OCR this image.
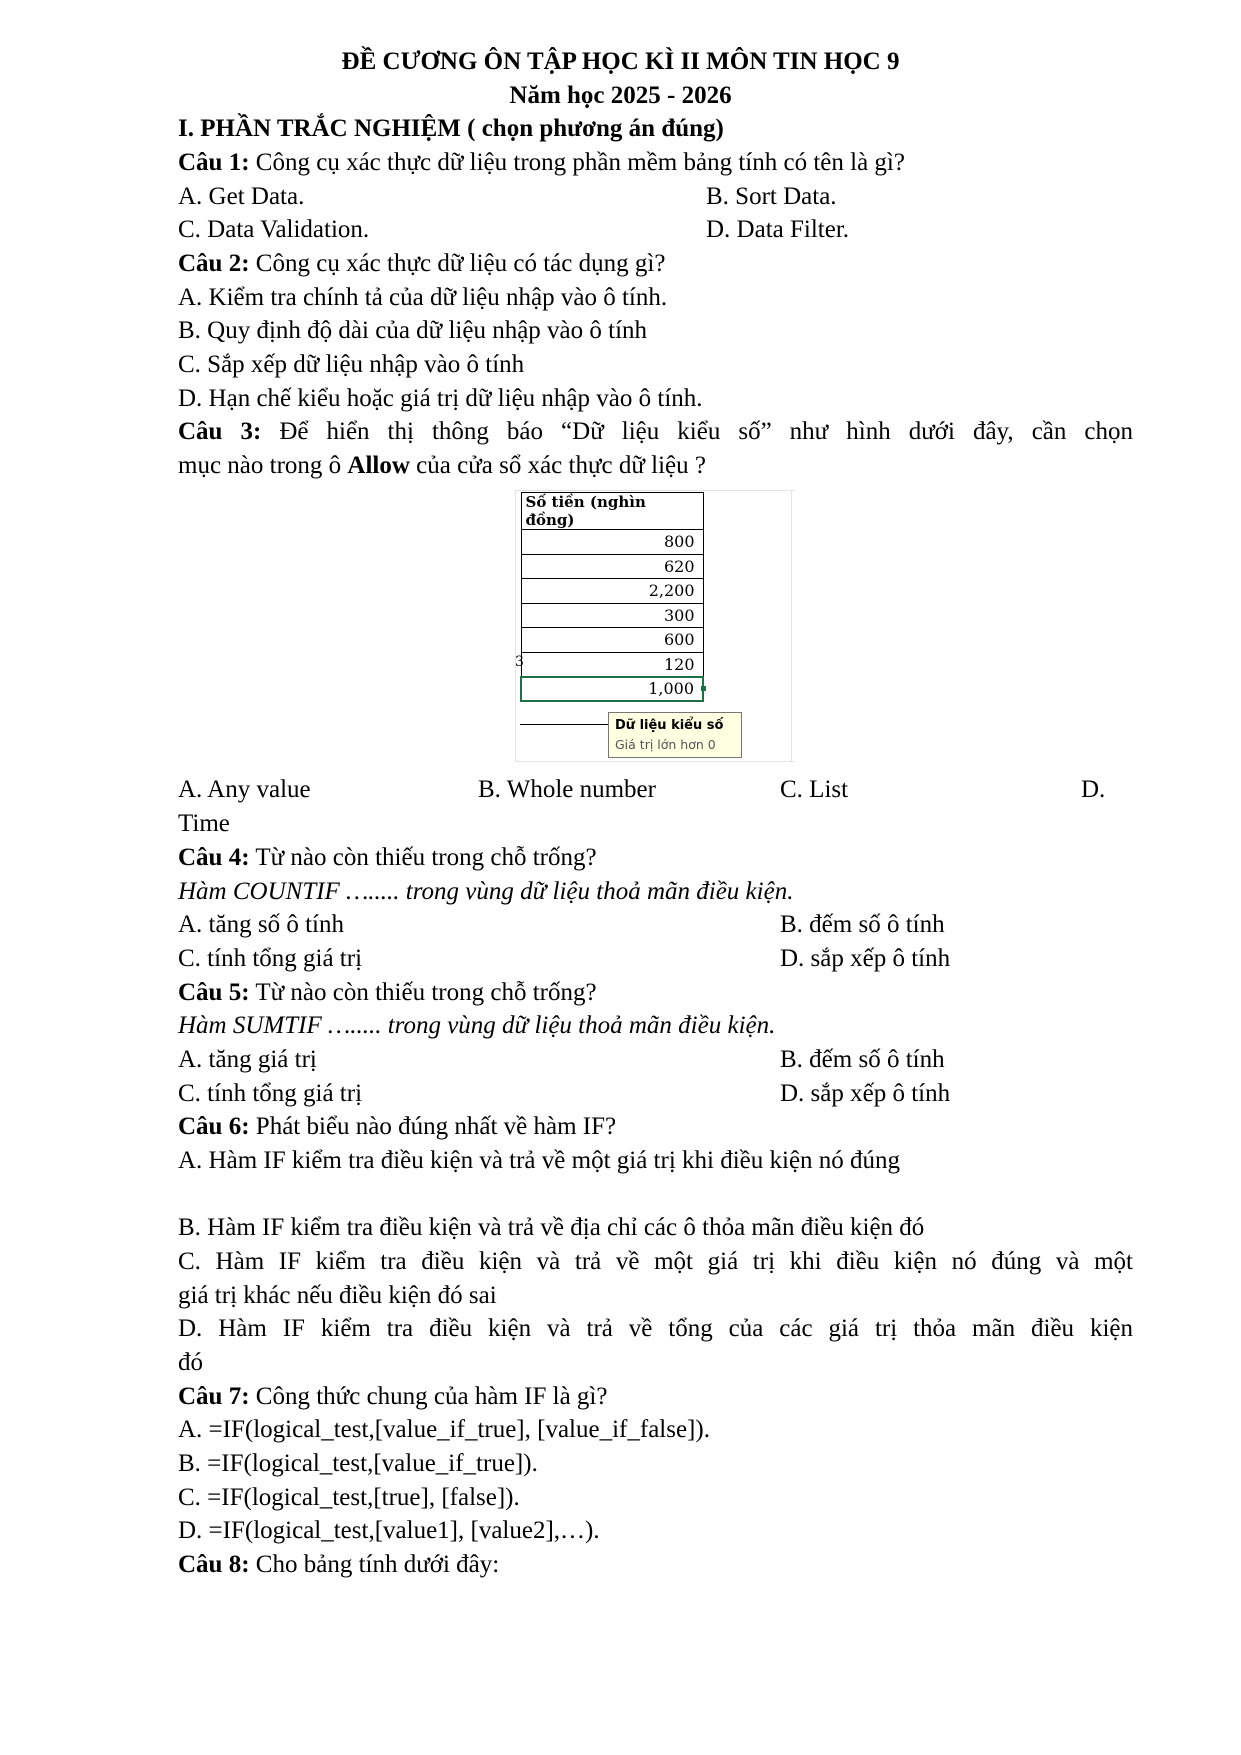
ĐỀ CƯƠNG ÔN TẬP HỌC KÌ II MÔN TIN HỌC 9
Năm học 2025 - 2026
I. PHẦN TRẮC NGHIỆM ( chọn phương án đúng)
Câu 1: Công cụ xác thực dữ liệu trong phần mềm bảng tính có tên là gì?
A. Get Data.	B. Sort Data.
C. Data Validation.	D. Data Filter.
Câu 2: Công cụ xác thực dữ liệu có tác dụng gì?
A. Kiểm tra chính tả của dữ liệu nhập vào ô tính.
B. Quy định độ dài của dữ liệu nhập vào ô tính
C. Sắp xếp dữ liệu nhập vào ô tính
D. Hạn chế kiểu hoặc giá trị dữ liệu nhập vào ô tính.
Câu 3: Để hiển thị thông báo “Dữ liệu kiểu số” như hình dưới đây, cần chọn
mục nào trong ô Allow của cửa sổ xác thực dữ liệu ?
Số tiền (nghìn đồng)
800
620
2,200
300
600
120
1,000
3
Dữ liệu kiểu số
Giá trị lớn hơn 0
A. Any value	B. Whole number	C. List	D.
Time
Câu 4: Từ nào còn thiếu trong chỗ trống?
Hàm COUNTIF …..... trong vùng dữ liệu thoả mãn điều kiện.
A. tăng số ô tính	B. đếm số ô tính
C. tính tổng giá trị	D. sắp xếp ô tính
Câu 5: Từ nào còn thiếu trong chỗ trống?
Hàm SUMTIF …..... trong vùng dữ liệu thoả mãn điều kiện.
A. tăng giá trị	B. đếm số ô tính
C. tính tổng giá trị	D. sắp xếp ô tính
Câu 6: Phát biểu nào đúng nhất về hàm IF?
A. Hàm IF kiểm tra điều kiện và trả về một giá trị khi điều kiện nó đúng
B. Hàm IF kiểm tra điều kiện và trả về địa chỉ các ô thỏa mãn điều kiện đó
C. Hàm IF kiểm tra điều kiện và trả về một giá trị khi điều kiện nó đúng và một
giá trị khác nếu điều kiện đó sai
D. Hàm IF kiểm tra điều kiện và trả về tổng của các giá trị thỏa mãn điều kiện
đó
Câu 7: Công thức chung của hàm IF là gì?
A. =IF(logical_test,[value_if_true], [value_if_false]).
B. =IF(logical_test,[value_if_true]).
C. =IF(logical_test,[true], [false]).
D. =IF(logical_test,[value1], [value2],…).
Câu 8: Cho bảng tính dưới đây:
